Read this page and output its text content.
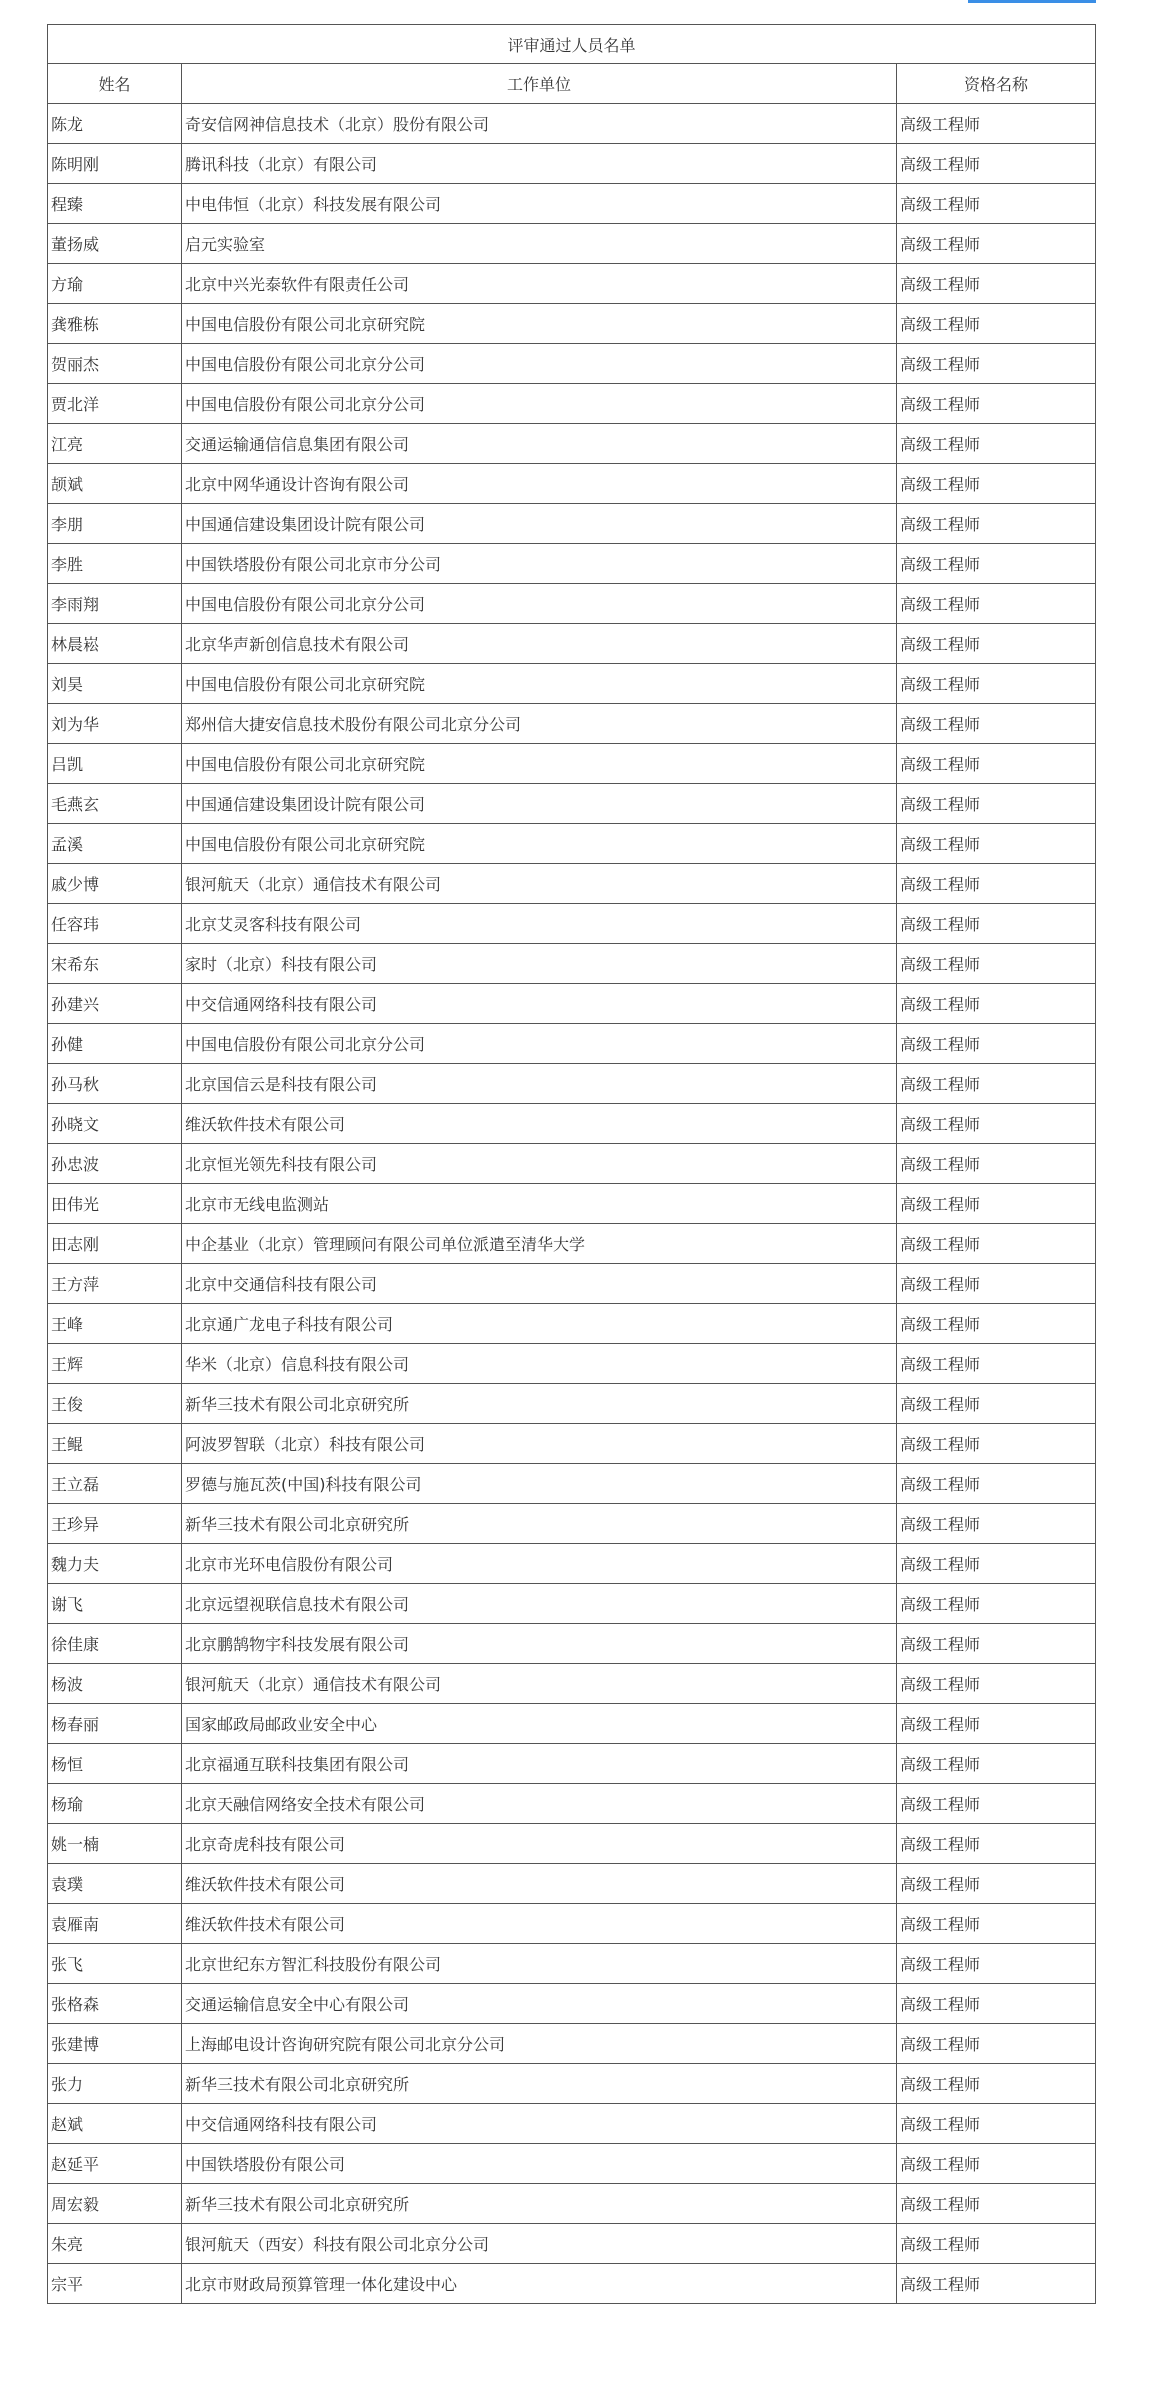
评审通过人员名单		
姓名	工作单位	资格名称
陈龙	奇安信网神信息技术（北京）股份有限公司	高级工程师
陈明刚	腾讯科技（北京）有限公司	高级工程师
程臻	中电伟恒（北京）科技发展有限公司	高级工程师
董扬威	启元实验室	高级工程师
方瑜	北京中兴光泰软件有限责任公司	高级工程师
龚雅栋	中国电信股份有限公司北京研究院	高级工程师
贺丽杰	中国电信股份有限公司北京分公司	高级工程师
贾北洋	中国电信股份有限公司北京分公司	高级工程师
江亮	交通运输通信信息集团有限公司	高级工程师
颉斌	北京中网华通设计咨询有限公司	高级工程师
李朋	中国通信建设集团设计院有限公司	高级工程师
李胜	中国铁塔股份有限公司北京市分公司	高级工程师
李雨翔	中国电信股份有限公司北京分公司	高级工程师
林晨崧	北京华声新创信息技术有限公司	高级工程师
刘昊	中国电信股份有限公司北京研究院	高级工程师
刘为华	郑州信大捷安信息技术股份有限公司北京分公司	高级工程师
吕凯	中国电信股份有限公司北京研究院	高级工程师
毛燕玄	中国通信建设集团设计院有限公司	高级工程师
孟溪	中国电信股份有限公司北京研究院	高级工程师
戚少博	银河航天（北京）通信技术有限公司	高级工程师
任容玮	北京艾灵客科技有限公司	高级工程师
宋希东	家时（北京）科技有限公司	高级工程师
孙建兴	中交信通网络科技有限公司	高级工程师
孙健	中国电信股份有限公司北京分公司	高级工程师
孙马秋	北京国信云是科技有限公司	高级工程师
孙晓文	维沃软件技术有限公司	高级工程师
孙忠波	北京恒光领先科技有限公司	高级工程师
田伟光	北京市无线电监测站	高级工程师
田志刚	中企基业（北京）管理顾问有限公司单位派遣至清华大学	高级工程师
王方萍	北京中交通信科技有限公司	高级工程师
王峰	北京通广龙电子科技有限公司	高级工程师
王辉	华米（北京）信息科技有限公司	高级工程师
王俊	新华三技术有限公司北京研究所	高级工程师
王鲲	阿波罗智联（北京）科技有限公司	高级工程师
王立磊	罗德与施瓦茨(中国)科技有限公司	高级工程师
王珍异	新华三技术有限公司北京研究所	高级工程师
魏力夫	北京市光环电信股份有限公司	高级工程师
谢飞	北京远望视联信息技术有限公司	高级工程师
徐佳康	北京鹏鹄物宇科技发展有限公司	高级工程师
杨波	银河航天（北京）通信技术有限公司	高级工程师
杨春丽	国家邮政局邮政业安全中心	高级工程师
杨恒	北京福通互联科技集团有限公司	高级工程师
杨瑜	北京天融信网络安全技术有限公司	高级工程师
姚一楠	北京奇虎科技有限公司	高级工程师
袁璞	维沃软件技术有限公司	高级工程师
袁雁南	维沃软件技术有限公司	高级工程师
张飞	北京世纪东方智汇科技股份有限公司	高级工程师
张格森	交通运输信息安全中心有限公司	高级工程师
张建博	上海邮电设计咨询研究院有限公司北京分公司	高级工程师
张力	新华三技术有限公司北京研究所	高级工程师
赵斌	中交信通网络科技有限公司	高级工程师
赵延平	中国铁塔股份有限公司	高级工程师
周宏毅	新华三技术有限公司北京研究所	高级工程师
朱亮	银河航天（西安）科技有限公司北京分公司	高级工程师
宗平	北京市财政局预算管理一体化建设中心	高级工程师
